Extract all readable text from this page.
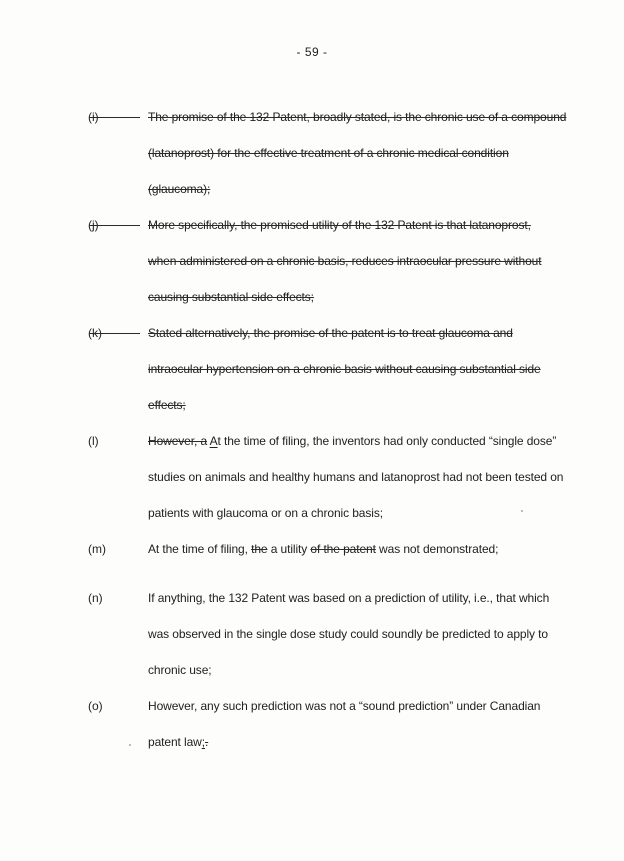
- 59 -
(i)	The promise of the 132 Patent, broadly stated, is the chronic use of a compound
(latanoprost) for the effective treatment of a chronic medical condition
(glaucoma);
(j)	More specifically, the promised utility of the 132 Patent is that latanoprost,
when administered on a chronic basis, reduces intraocular pressure without
causing substantial side effects;
(k)	Stated alternatively, the promise of the patent is to treat glaucoma and
intraocular hypertension on a chronic basis without causing substantial side
effects;
(l)	However, a At the time of filing, the inventors had only conducted “single dose”
studies on animals and healthy humans and latanoprost had not been tested on
patients with glaucoma or on a chronic basis;
(m)	At the time of filing, the a utility of the patent was not demonstrated;
(n)	If anything, the 132 Patent was based on a prediction of utility, i.e., that which
was observed in the single dose study could soundly be predicted to apply to
chronic use;
(o)	However, any such prediction was not a “sound prediction” under Canadian
patent law;.
